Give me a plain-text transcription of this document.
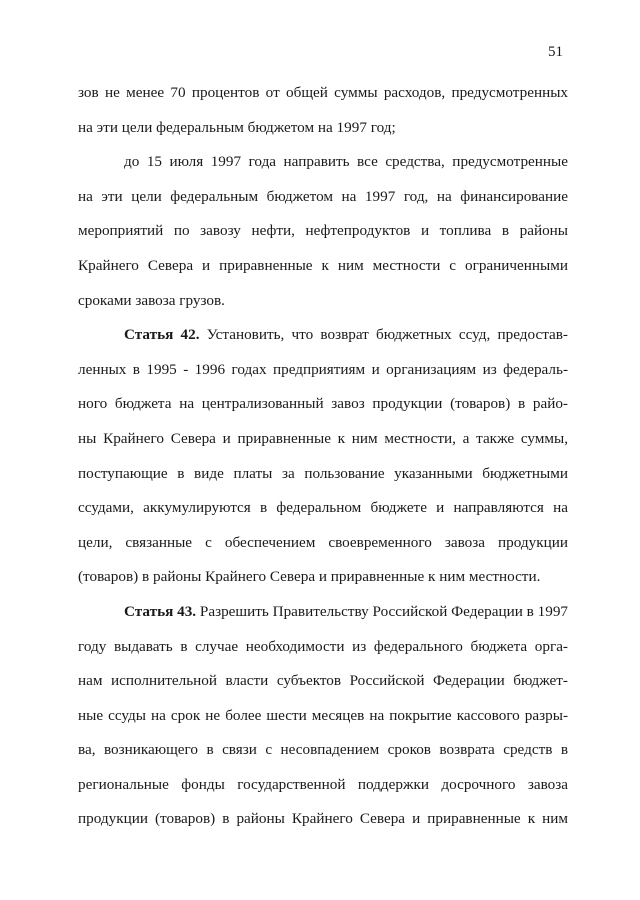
51
зов не менее 70 процентов от общей суммы расходов, предусмотренных
на эти цели федеральным бюджетом на 1997 год;
до 15 июля 1997 года направить все средства, предусмотренные
на эти цели федеральным бюджетом на 1997 год, на финансирование
мероприятий по завозу нефти, нефтепродуктов и топлива в районы
Крайнего Севера и приравненные к ним местности с ограниченными
сроками завоза грузов.
Статья 42. Установить, что возврат бюджетных ссуд, предостав-
ленных в 1995 - 1996 годах предприятиям и организациям из федераль-
ного бюджета на централизованный завоз продукции (товаров) в райо-
ны Крайнего Севера и приравненные к ним местности, а также суммы,
поступающие в виде платы за пользование указанными бюджетными
ссудами, аккумулируются в федеральном бюджете и направляются на
цели, связанные с обеспечением своевременного завоза продукции
(товаров) в районы Крайнего Севера и приравненные к ним местности.
Статья 43. Разрешить Правительству Российской Федерации в 1997
году выдавать в случае необходимости из федерального бюджета орга-
нам исполнительной власти субъектов Российской Федерации бюджет-
ные ссуды на срок не более шести месяцев на покрытие кассового разры-
ва, возникающего в связи с несовпадением сроков возврата средств в
региональные фонды государственной поддержки досрочного завоза
продукции (товаров) в районы Крайнего Севера и приравненные к ним
